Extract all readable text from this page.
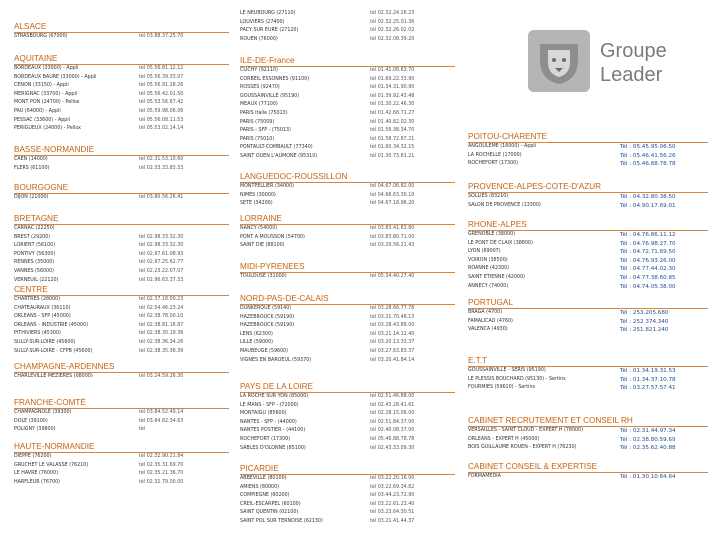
Groupe
Leader
ALSACE
STRASBOURG (67000)	tél 03.88.37.25.70
AQUITAINE
BORDEAUX (33000) - Appli	tél 05.56.81.12.12
BORDEAUX BAURE (33000) - Appli	tél 05.56.39.33.07
CENON (33150) - Appli	tél 05.56.91.28.26
MERIGNAC (33700) - Appli	tél 05.56.42.01.50
MONT PON (24700) - Pellox	tél 05.53.56.67.42
PAU (64000) - Appli	tél 05.59.98.06.06
PESSAC (33600) - Appli	tél 05.56.08.11.53
PERIGUEUX (24000) - Pellox	tél 05.53.02.14.14
BASSE-NORMANDIE
CAEN (14000)	tél 02.31.53.10.60
FLERS (61100)	tél 02.33.33.83.33
BOURGOGNE
DIJON (21000)	tél 03.80.56.26.41
BRETAGNE
CARNAC (22250)
BREST (29200)	tél 02.98.33.32.30
LORIENT (56100)	tél 02.98.33.32.30
PONTIVY (56300)	tél 02.97.61.08.93
RENNES (35000)	tél 02.97.25.62.77
VANNES (56000)	tél 02.23.22.07.07
VERNEUIL (22120)	tél 02.96.63.37.33
CENTRE
CHARTRES (28000)	tél 02.37.18.00.23
CHATEAURAUX (36110)	tél 02.54.46.23.24
ORLEANS - SFP (45000)	tél 02.38.78.00.10
ORLEANS - INDUSTRIE (45000)	tél 02.38.81.16.87
PITHIVIERS (45300)	tél 02.38.30.19.36
SULLY-SUR-LOIRE (45600)	tél 02.38.36.34.26
SULLY-SUR-LOIRE - CFPB (45600)	tél 02.38.35.36.39
CHAMPAGNE-ARDENNES
CHARLEVILLE MEZIERES (08000)	tél 03.24.59.26.30
FRANCHE-COMTÉ
CHAMPAGNOLE (39300)	tél 03.84.52.49.14
DOLE (39100)	tél 03.84.82.34.63
POLIGNY (39800)	tél
HAUTE-NORMANDIE
DIEPPE (76200)	tél 02.32.90.21.84
GRUCHET LE VALASSE (76210)	tél 02.35.31.69.70
LE HAVRE (76000)	tél 02.35.21.36.70
HARFLEUR (76700)	tél 02.32.79.00.00
LE NEUBOURG (27110)	tél 02.32.24.26.23
LOUVIERS (27400)	tél 02.32.25.01.36
PACY SUR EURE (27120)	tél 02.32.26.02.02
ROUEN (76000)	tél 02.32.08.39.20
ILE-DE-France
CLICHY (92110)	tél 01.41.06.63.70
CORBEIL ESSONNES (91100)	tél 01.69.22.33.90
ROSSES (92470)	tél 01.34.31.90.90
GOUSSAINVILLE (95190)	tél 01.39.92.43.48
MEAUX (77100)	tél 01.30.22.46.30
PARIS Italie (75013)	tél 01.42.68.71.27
PARIS (75009)	tél 01.40.82.02.30
PARIS - SFP - (75013)	tél 01.56.38.34.70
PARIS (75010)	tél 01.58.72.87.21
PONTAULT-COMBAULT (77340)	tél 01.60.34.32.15
SAINT OUEN L'AUMONE (95310)	tél 01.30.73.81.21
LANGUEDOC-ROUSSILLON
MONTPELLIER (34000)	tél 04.67.06.82.00
NIMES (30000)	tél 04.66.63.30.10
SETE (34200)	tél 04.67.18.96.20
LORRAINE
NANCY (54000)	tél 03.83.41.63.80
PONT A MOUSSON (54700)	tél 03.83.80.71.00
SAINT DIE (88100)	tél 03.29.56.21.43
MIDI-PYRENEES
TOULOUSE (31000)	tél 05.34.40.27.40
NORD-PAS-DE-CALAIS
DUNKERQUE (59140)	tél 03.28.66.77.78
HAZEBROUCK (59190)	tél 03.21.70.48.13
HAZEBROUCK (59190)	tél 03.28.43.88.00
LENS (62300)	tél 03.21.14.12.40
LILLE (59000)	tél 03.20.13.33.37
MAUBEUGE (59600)	tél 03.27.63.83.37
VIGNES EN BAROEUL (59370)	tél 03.20.41.84.14
PAYS DE LA LOIRE
LA ROCHE SUR YON (85000)	tél 02.51.46.88.00
LE MANS - SFP - (72000)	tél 02.43.28.41.61
MONTAIGU (85600)	tél 02.28.15.06.00
NANTES - SFP - (44000)	tél 02.51.84.37.00
NANTES POSTIER - (44100)	tél 02.40.08.37.00
ROCHEFORT (17300)	tél 05.46.88.78.78
SABLES D'OLONNE (85100)	tél 02.43.33.09.30
PICARDIE
ABBEVILLE (80100)	tél 03.22.20.16.00
AMIENS (80000)	tél 03.22.69.34.82
COMPIEGNE (60200)	tél 03.44.23.72.90
CREIL-ESCARPEL (60100)	tél 03.22.61.23.40
SAINT QUENTIN (02100)	tél 03.23.64.30.51
SAINT POL SUR TERNOISE (62130)	tél 03.21.41.44.37
POITOU-CHARENTE
ANGOULEME (16000) - Appli	Tél : 05.45.95.06.50
LA ROCHELLE (17000)	Tél : 05.46.41.56.26
ROCHEFORT (17300)	Tél : 05.46.88.78.78
PROVENCE-ALPES-COTE-D'AZUR
SOLLIES (83210)	Tél : 04.32.80.38.50
SALON DE PROVENCE (13300)	Tél : 04.90.17.69.01
RHONE-ALPES
GRENOBLE (38000)	Tél : 04.76.86.11.12
LE PONT DE CLAIX (38800)	Tél : 04.76.98.27.70
LYON (69007)	Tél : 04.72.71.69.50
VOIRON (38500)	Tél : 04.76.93.26.00
ROANNE (42300)	Tél : 04.77.44.02.30
SAINT ETIENNE (42000)	Tél : 04.77.38.60.85
ANNECY (74000)	Tél : 04.74.05.38.00
PORTUGAL
BRAGA (4700)	Tél : 253.205.680
FAMALICAO (4760)	Tél : 252.374.340
VALENCA (4930)	Tél : 251.821.240
E.T.T
GOUSSAINVILLE - SERIS (95190)	Tél : 01.34.19.31.53
LE PLESSIS BOUCHARD (95130) - Sertins	Tél : 01.34.37.10.78
FOURMIES (59610) - Sertins	Tél : 03.27.57.57.41
CABINET RECRUTEMENT ET CONSEIL RH
VERSAILLES - SAINT CLOUD - EXPERT H (78000)	Tél : 02.31.44.97.34
ORLEANS - EXPERT H (45000)	Tél : 02.38.80.59.69
BOIS GUILLAUME ROUEN - EXPERT H (76230)	Tél : 02.35.62.40.88
CABINET CONSEIL & EXPERTISE
FORMAMEDIA	Tél : 01.30.10.64.64
